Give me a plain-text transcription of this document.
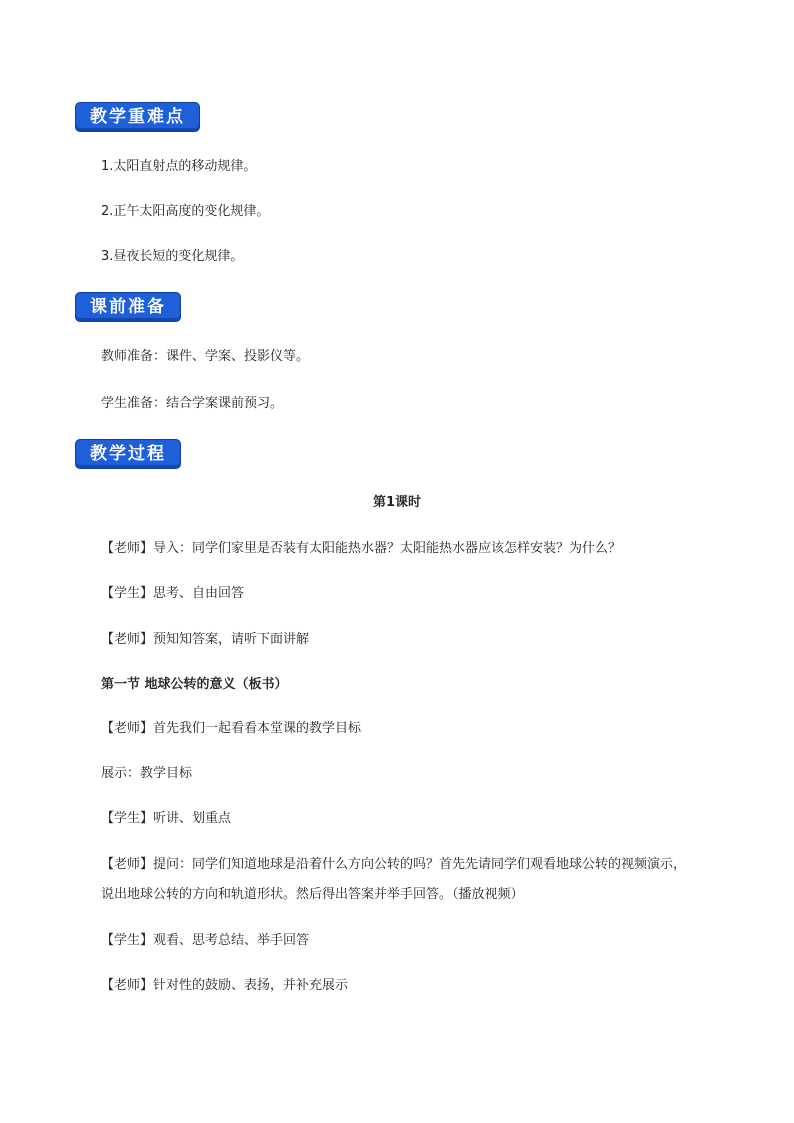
教学重难点
1.太阳直射点的移动规律。
2.正午太阳高度的变化规律。
3.昼夜长短的变化规律。
课前准备
教师准备：课件、学案、投影仪等。
学生准备：结合学案课前预习。
教学过程
第1课时
【老师】导入：同学们家里是否装有太阳能热水器？太阳能热水器应该怎样安装？为什么？
【学生】思考、自由回答
【老师】预知知答案，请听下面讲解
第一节 地球公转的意义（板书）
【老师】首先我们一起看看本堂课的教学目标
展示：教学目标
【学生】听讲、划重点
【老师】提问：同学们知道地球是沿着什么方向公转的吗？首先先请同学们观看地球公转的视频演示，
说出地球公转的方向和轨道形状。然后得出答案并举手回答。（播放视频）
【学生】观看、思考总结、举手回答
【老师】针对性的鼓励、表扬，并补充展示
